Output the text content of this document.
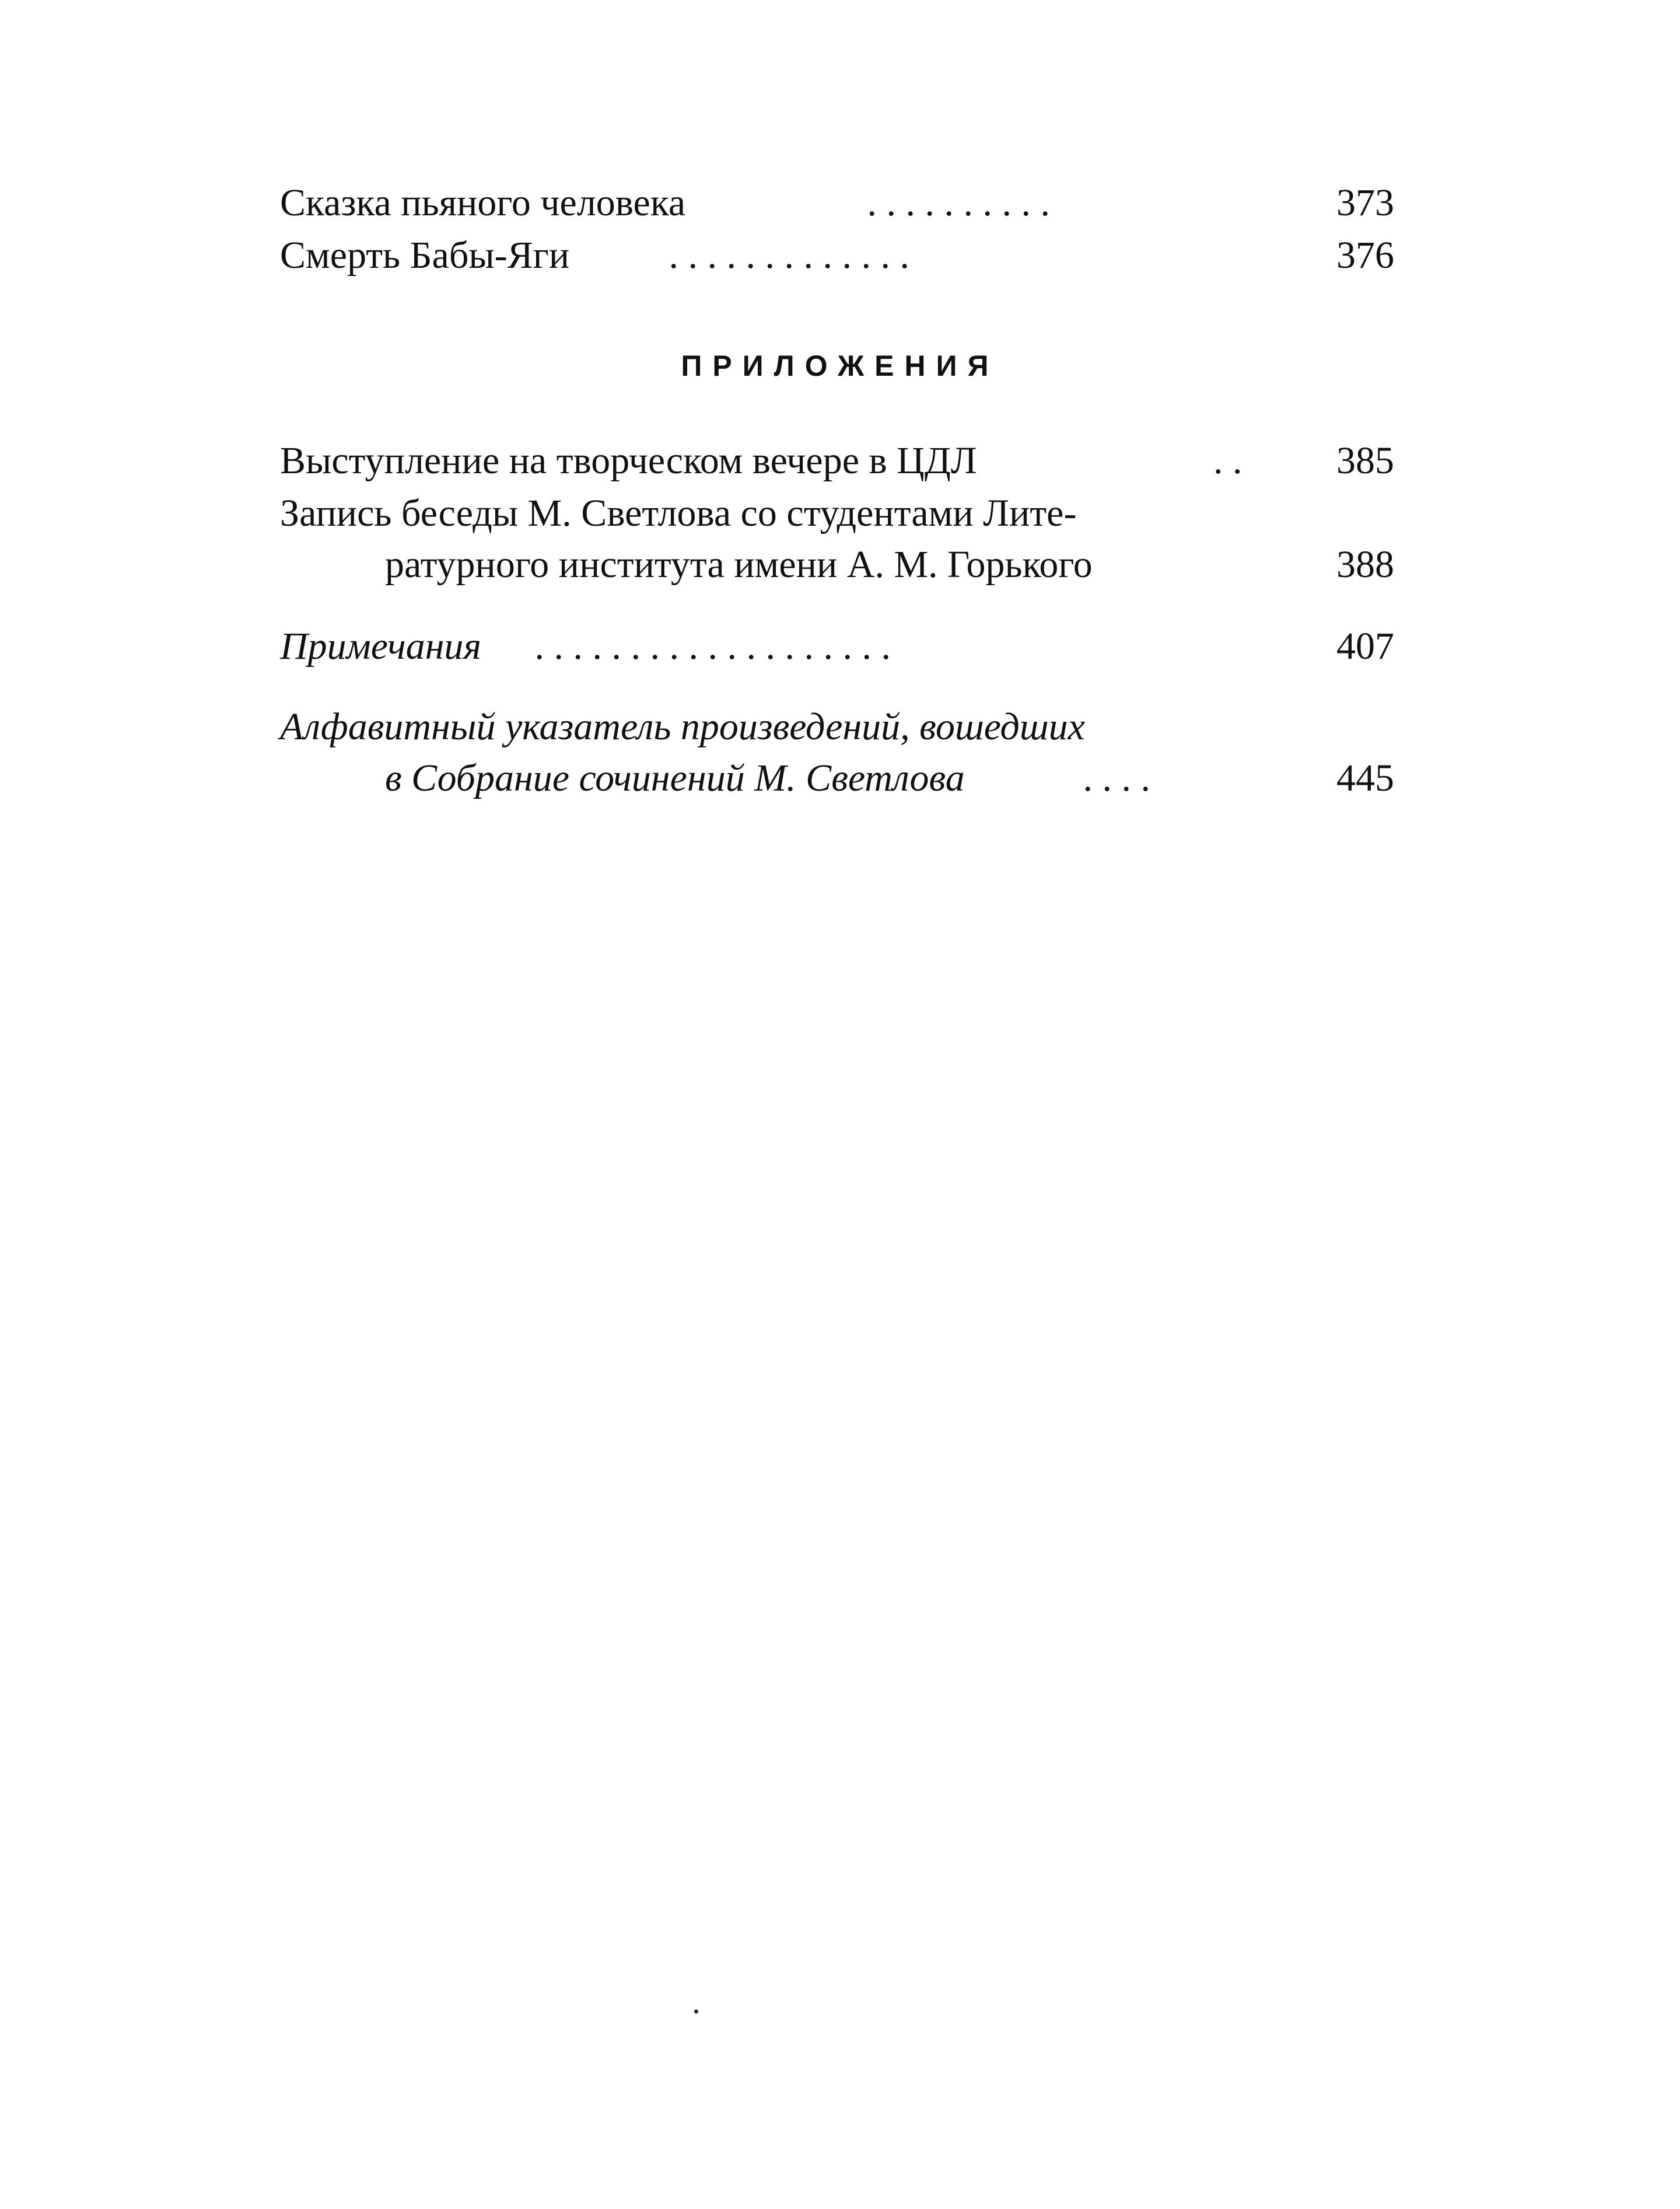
Сказка пьяного человека	. . . . . . . . . .	373
Смерть Бабы-Яги . . . . . . . . . . . . .	376
ПРИЛОЖЕНИЯ
Выступление на творческом вечере в ЦДЛ	. . 385
Запись беседы М. Светлова со студентами Лите-
ратурного института имени А. М. Горького	388
Примечания . . . . . . . . . . . . . . . . . . .	407
Алфавитный указатель произведений, вошедших
в Собрание сочинений М. Светлова	. . . .	445
